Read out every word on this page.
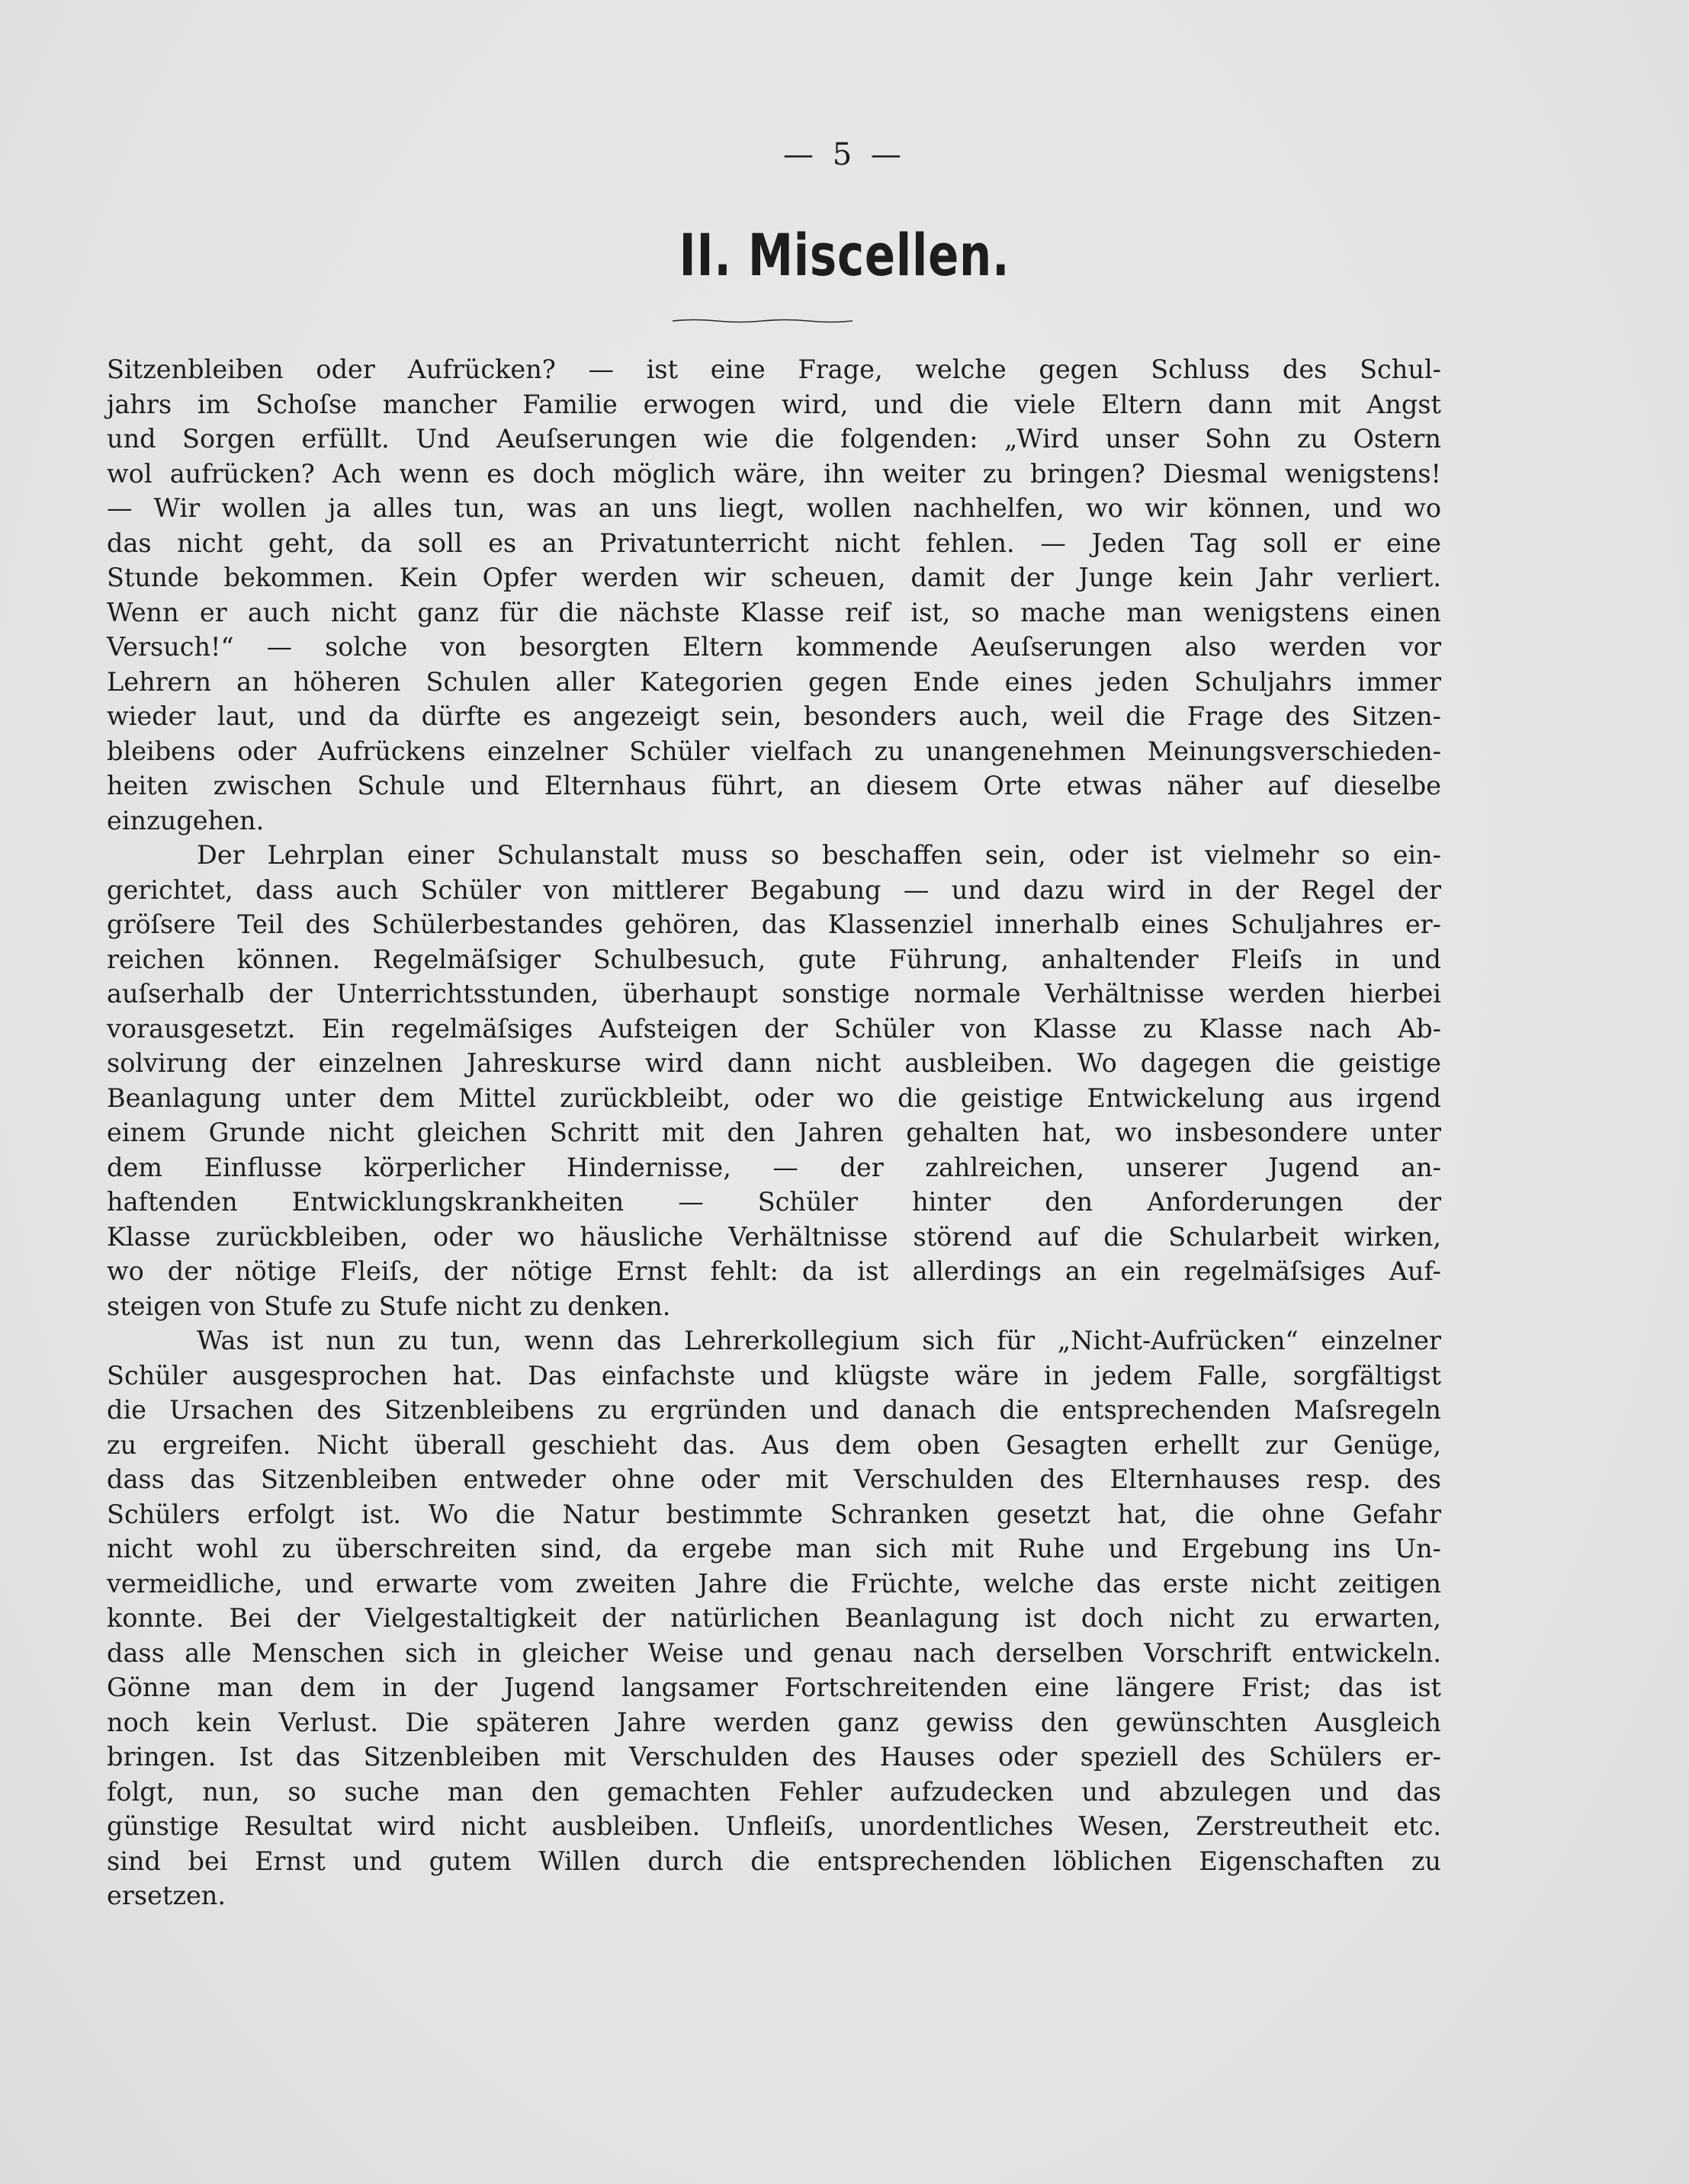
— 5 —
II. Miscellen.
Sitzenbleiben oder Aufrücken? — ist eine Frage, welche gegen Schluss des Schul-
jahrs im Schoſse mancher Familie erwogen wird, und die viele Eltern dann mit Angst
und Sorgen erfüllt. Und Aeuſserungen wie die folgenden: „Wird unser Sohn zu Ostern
wol aufrücken? Ach wenn es doch möglich wäre, ihn weiter zu bringen? Diesmal wenigstens!
— Wir wollen ja alles tun, was an uns liegt, wollen nachhelfen, wo wir können, und wo
das nicht geht, da soll es an Privatunterricht nicht fehlen. — Jeden Tag soll er eine
Stunde bekommen. Kein Opfer werden wir scheuen, damit der Junge kein Jahr verliert.
Wenn er auch nicht ganz für die nächste Klasse reif ist, so mache man wenigstens einen
Versuch!“ — solche von besorgten Eltern kommende Aeuſserungen also werden vor
Lehrern an höheren Schulen aller Kategorien gegen Ende eines jeden Schuljahrs immer
wieder laut, und da dürfte es angezeigt sein, besonders auch, weil die Frage des Sitzen-
bleibens oder Aufrückens einzelner Schüler vielfach zu unangenehmen Meinungsverschieden-
heiten zwischen Schule und Elternhaus führt, an diesem Orte etwas näher auf dieselbe
einzugehen.
Der Lehrplan einer Schulanstalt muss so beschaffen sein, oder ist vielmehr so ein-
gerichtet, dass auch Schüler von mittlerer Begabung — und dazu wird in der Regel der
gröſsere Teil des Schülerbestandes gehören, das Klassenziel innerhalb eines Schuljahres er-
reichen können. Regelmäſsiger Schulbesuch, gute Führung, anhaltender Fleiſs in und
auſserhalb der Unterrichtsstunden, überhaupt sonstige normale Verhältnisse werden hierbei
vorausgesetzt. Ein regelmäſsiges Aufsteigen der Schüler von Klasse zu Klasse nach Ab-
solvirung der einzelnen Jahreskurse wird dann nicht ausbleiben. Wo dagegen die geistige
Beanlagung unter dem Mittel zurückbleibt, oder wo die geistige Entwickelung aus irgend
einem Grunde nicht gleichen Schritt mit den Jahren gehalten hat, wo insbesondere unter
dem Einflusse körperlicher Hindernisse, — der zahlreichen, unserer Jugend an-
haftenden Entwicklungskrankheiten — Schüler hinter den Anforderungen der
Klasse zurückbleiben, oder wo häusliche Verhältnisse störend auf die Schularbeit wirken,
wo der nötige Fleiſs, der nötige Ernst fehlt: da ist allerdings an ein regelmäſsiges Auf-
steigen von Stufe zu Stufe nicht zu denken.
Was ist nun zu tun, wenn das Lehrerkollegium sich für „Nicht-Aufrücken“ einzelner
Schüler ausgesprochen hat. Das einfachste und klügste wäre in jedem Falle, sorgfältigst
die Ursachen des Sitzenbleibens zu ergründen und danach die entsprechenden Maſsregeln
zu ergreifen. Nicht überall geschieht das. Aus dem oben Gesagten erhellt zur Genüge,
dass das Sitzenbleiben entweder ohne oder mit Verschulden des Elternhauses resp. des
Schülers erfolgt ist. Wo die Natur bestimmte Schranken gesetzt hat, die ohne Gefahr
nicht wohl zu überschreiten sind, da ergebe man sich mit Ruhe und Ergebung ins Un-
vermeidliche, und erwarte vom zweiten Jahre die Früchte, welche das erste nicht zeitigen
konnte. Bei der Vielgestaltigkeit der natürlichen Beanlagung ist doch nicht zu erwarten,
dass alle Menschen sich in gleicher Weise und genau nach derselben Vorschrift entwickeln.
Gönne man dem in der Jugend langsamer Fortschreitenden eine längere Frist; das ist
noch kein Verlust. Die späteren Jahre werden ganz gewiss den gewünschten Ausgleich
bringen. Ist das Sitzenbleiben mit Verschulden des Hauses oder speziell des Schülers er-
folgt, nun, so suche man den gemachten Fehler aufzudecken und abzulegen und das
günstige Resultat wird nicht ausbleiben. Unfleiſs, unordentliches Wesen, Zerstreutheit etc.
sind bei Ernst und gutem Willen durch die entsprechenden löblichen Eigenschaften zu
ersetzen.
